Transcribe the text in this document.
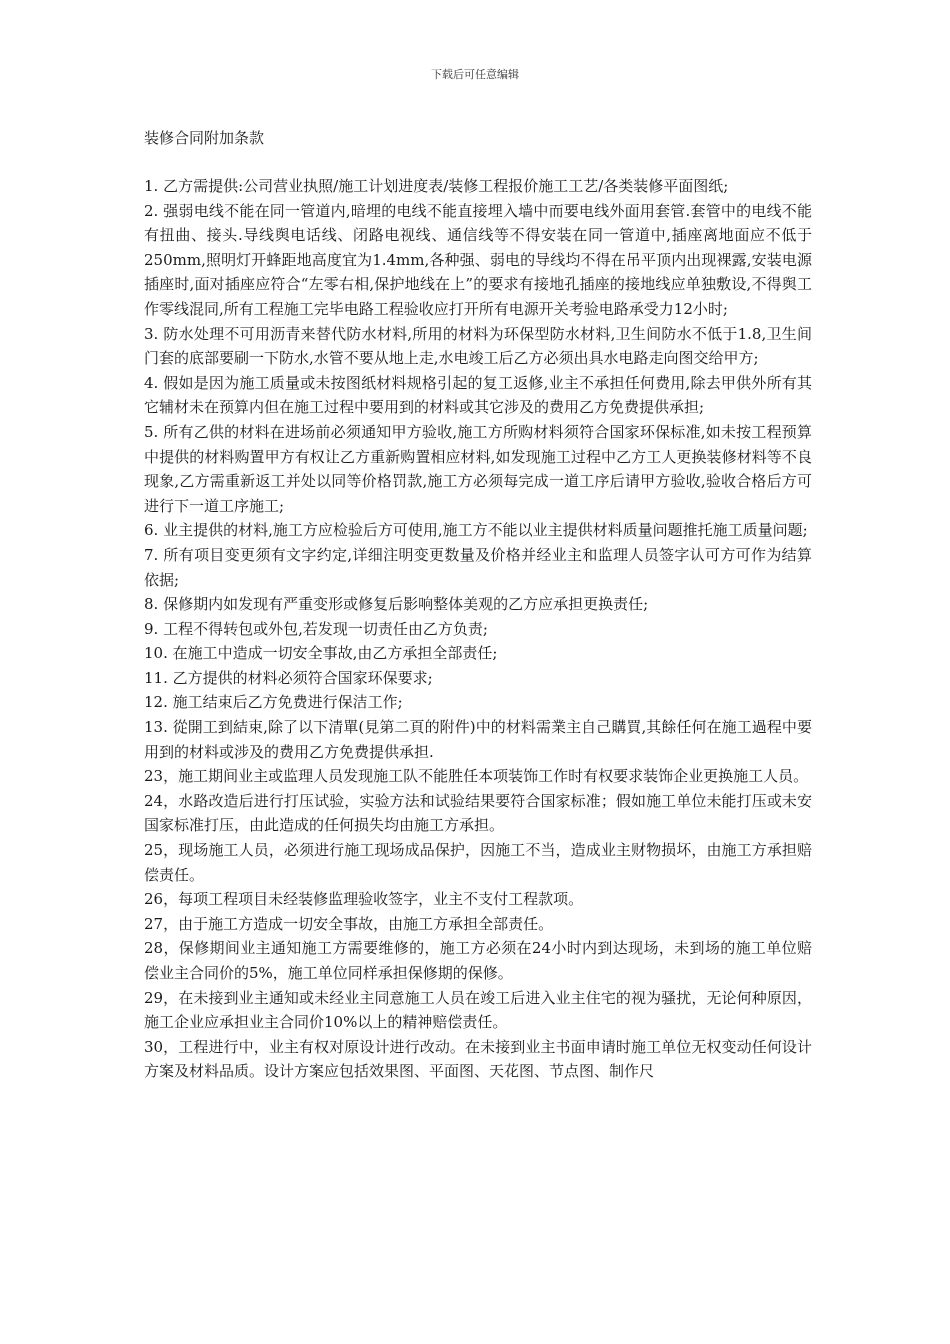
下载后可任意编辑
装修合同附加条款

1. 乙方需提供:公司营业执照/施工计划进度表/装修工程报价施工工艺/各类装修平面图纸;

2. 强弱电线不能在同一管道内,暗埋的电线不能直接埋入墙中而要电线外面用套管.套管中的电线不能有扭曲、接头.导线舆电话线、闭路电视线、通信线等不得安装在同一管道中,插座离地面应不低于250mm,照明灯开蜂距地高度宜为1.4mm,各种强、弱电的导线均不得在吊平顶内出现裸露,安装电源插座时,面对插座应符合“左零右相,保护地线在上”的要求有接地孔插座的接地线应单独敷设,不得舆工作零线混同,所有工程施工完毕电路工程验收应打开所有电源开关考验电路承受力12小时;

3. 防水处理不可用沥青来替代防水材料,所用的材料为环保型防水材料,卫生间防水不低于1.8,卫生间门套的底部要刷一下防水,水管不要从地上走,水电竣工后乙方必须出具水电路走向图交给甲方;

4. 假如是因为施工质量或未按图纸材料规格引起的复工返修,业主不承担任何费用,除去甲供外所有其它辅材未在预算内但在施工过程中要用到的材料或其它涉及的费用乙方免费提供承担;

5. 所有乙供的材料在进场前必须通知甲方验收,施工方所购材料须符合国家环保标准,如未按工程预算中提供的材料购置甲方有权让乙方重新购置相应材料,如发现施工过程中乙方工人更换装修材料等不良现象,乙方需重新返工并处以同等价格罚款,施工方必须每完成一道工序后请甲方验收,验收合格后方可进行下一道工序施工;

6. 业主提供的材料,施工方应检验后方可使用,施工方不能以业主提供材料质量问题推托施工质量问题;

7. 所有项目变更须有文字约定,详细注明变更数量及价格并经业主和监理人员签字认可方可作为结算依据;

8. 保修期内如发现有严重变形或修复后影响整体美观的乙方应承担更换责任;

9. 工程不得转包或外包,若发现一切责任由乙方负责;

10. 在施工中造成一切安全事故,由乙方承担全部责任;

11. 乙方提供的材料必须符合国家环保要求;

12. 施工结束后乙方免费进行保洁工作;

13. 從開工到結束,除了以下清單(見第二頁的附件)中的材料需業主自己購買,其餘任何在施工過程中要用到的材料或涉及的费用乙方免费提供承担.

23，施工期间业主或监理人员发现施工队不能胜任本项装饰工作时有权要求装饰企业更换施工人员。

24，水路改造后进行打压试验，实验方法和试验结果要符合国家标准；假如施工单位未能打压或未安国家标准打压，由此造成的任何损失均由施工方承担。

25，现场施工人员，必须进行施工现场成品保护，因施工不当，造成业主财物损坏，由施工方承担赔偿责任。

26，每项工程项目未经装修监理验收签字，业主不支付工程款项。

27，由于施工方造成一切安全事故，由施工方承担全部责任。

28，保修期间业主通知施工方需要维修的，施工方必须在24小时内到达现场，未到场的施工单位赔偿业主合同价的5%，施工单位同样承担保修期的保修。

29，在未接到业主通知或未经业主同意施工人员在竣工后进入业主住宅的视为骚扰，无论何种原因，施工企业应承担业主合同价10%以上的精神赔偿责任。

30，工程进行中，业主有权对原设计进行改动。在未接到业主书面申请时施工单位无权变动任何设计方案及材料品质。设计方案应包括效果图、平面图、天花图、节点图、制作尺
